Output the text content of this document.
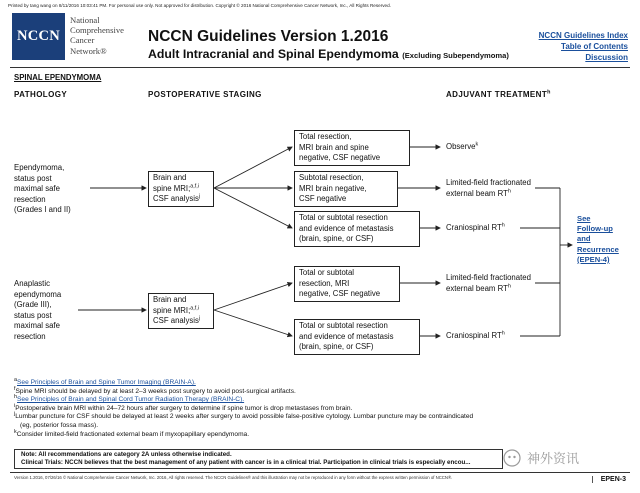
Printed by tang wang on 8/11/2016 10:03:41 PM. For personal use only. Not approved for distribution. Copyright © 2016 National Comprehensive Cancer Network, Inc., All Rights Reserved.
NCCN
National
Comprehensive
Cancer
Network®
NCCN Guidelines Version 1.2016
Adult Intracranial and Spinal Ependymoma (Excluding Subependymoma)
NCCN Guidelines Index
Table of Contents
Discussion
SPINAL EPENDYMOMA
PATHOLOGY	POSTOPERATIVE STAGING	ADJUVANT TREATMENT$^h$
Ependymoma,
status post
maximal safe
resection
(Grades I and II)
Anaplastic
ependymoma
(Grade III),
status post
maximal safe
resection
Brain and
spine MRI;$^{a,f,i}$
CSF analysis$^j$
Brain and
spine MRI;$^{a,f,i}$
CSF analysis$^j$
Total resection,
MRI brain and spine
negative, CSF negative
Subtotal resection,
MRI brain negative,
CSF negative
Total or subtotal resection
and evidence of metastasis
(brain, spine, or CSF)
Total or subtotal
resection, MRI
negative, CSF negative
Total or subtotal resection
and evidence of metastasis
(brain, spine, or CSF)
Observe$^k$
Limited-field fractionated
external beam $RT^h$
Craniospinal $RT^h$
Limited-field fractionated
external beam $RT^h$
Craniospinal $RT^h$
See
Follow-up
and
Recurrence
(EPEN-4)
$^a$See Principles of Brain and Spine Tumor Imaging (BRAIN-A).
$^f$Spine MRI should be delayed by at least 2–3 weeks post surgery to avoid post-surgical artifacts.
$^h$See Principles of Brain and Spinal Cord Tumor Radiation Therapy (BRAIN-C).
$^i$Postoperative brain MRI within 24–72 hours after surgery to determine if spine tumor is drop metastases from brain.
$^j$Lumbar puncture for CSF should be delayed at least 2 weeks after surgery to avoid possible false-positive cytology. Lumbar puncture may be contraindicated
(eg, posterior fossa mass).
$^k$Consider limited-field fractionated external beam if myxopapillary ependymoma.
Note: All recommendations are category 2A unless otherwise indicated.
Clinical Trials: NCCN believes that the best management of any patient with cancer is in a clinical trial. Participation in clinical trials is especially encou...	神外资讯
Version 1.2016, 07/26/16 © National Comprehensive Cancer Network, Inc. 2016, All rights reserved. The NCCN Guidelines® and this illustration may not be reproduced in any form without the express written permission of NCCN®.	EPEN-3
